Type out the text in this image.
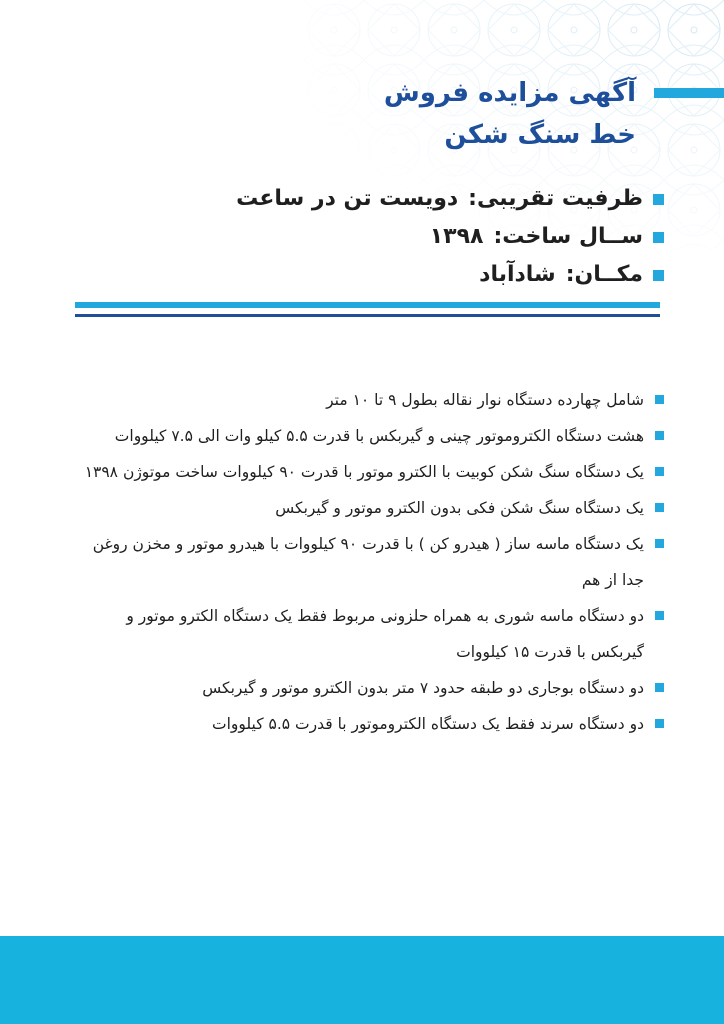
آگهی مزایده فروش
خط سنگ شکن
ظرفیت تقریبی:
دویست تن در ساعت
ســال ساخت:
۱۳۹۸
مکــان:
شادآباد
شامل چهارده دستگاه نوار نقاله بطول ۹ تا ۱۰ متر
هشت دستگاه الکتروموتور چینی و گیربکس با قدرت ۵.۵ کیلو وات الی ۷.۵ کیلووات
یک دستگاه سنگ شکن کوبیت با الکترو موتور با قدرت ۹۰ کیلووات ساخت موتوژن ۱۳۹۸
یک دستگاه سنگ شکن فکی بدون الکترو موتور و گیربکس
یک دستگاه ماسه ساز ( هیدرو کن ) با قدرت ۹۰ کیلووات با هیدرو موتور و مخزن روغن جدا از هم
دو دستگاه ماسه شوری به همراه حلزونی مربوط فقط یک دستگاه الکترو موتور و گیربکس با قدرت ۱۵ کیلووات
دو دستگاه بوجاری دو طبقه حدود ۷ متر بدون الکترو موتور و گیربکس
دو دستگاه سرند فقط یک دستگاه الکتروموتور با قدرت ۵.۵ کیلووات
